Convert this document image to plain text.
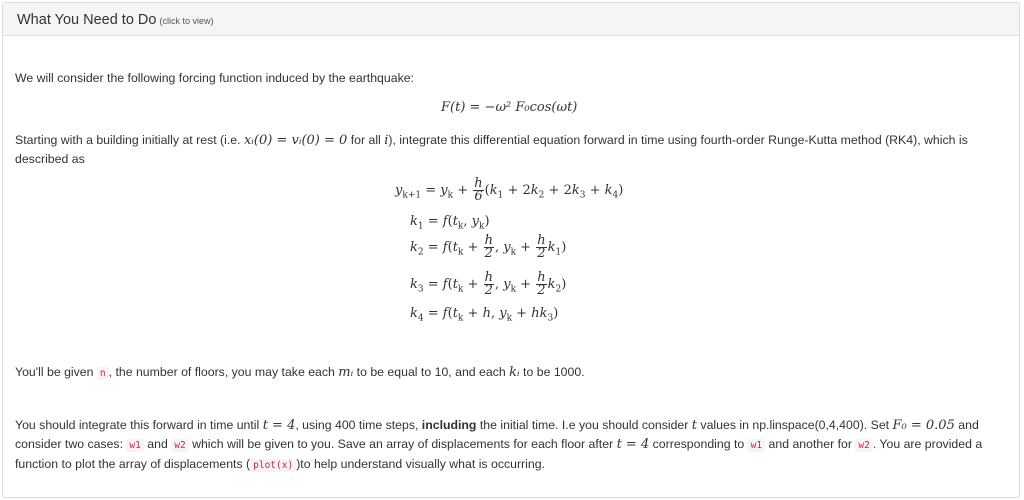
What You Need to Do (click to view)
We will consider the following forcing function induced by the earthquake:
F(t) = −ω² F₀cos(ωt)
Starting with a building initially at rest (i.e. xᵢ(0) = vᵢ(0) = 0 for all i), integrate this differential equation forward in time using fourth-order Runge-Kutta method (RK4), which is described as
$y_{k+1} = y_k + \frac{h}{6} (k_1 + 2k_2 + 2k_3 + k_4)$
$k_1 = f(t_k$, $y_k$)
$k_2 = f(t_k + \frac{h}{2}$ , $y_k + \frac{h}{2} k_1$)
$k_3 = f(t_k + \frac{h}{2}$ , $y_k + \frac{h}{2} k_2$)
$k_4 = f(t_k + h$, $y_k + hk_3$)
You'll be given n , the number of floors, you may take each mᵢ to be equal to 10, and each kᵢ to be 1000.
You should integrate this forward in time until t = 4, using 400 time steps, including the initial time. I.e you should consider t values in np.linspace(0,4,400). Set F₀ = 0.05 and consider two cases: w1 and w2 which will be given to you. Save an array of displacements for each floor after t = 4 corresponding to w1 and another for w2 . You are provided a function to plot the array of displacements ( plot(x) )to help understand visually what is occurring.
